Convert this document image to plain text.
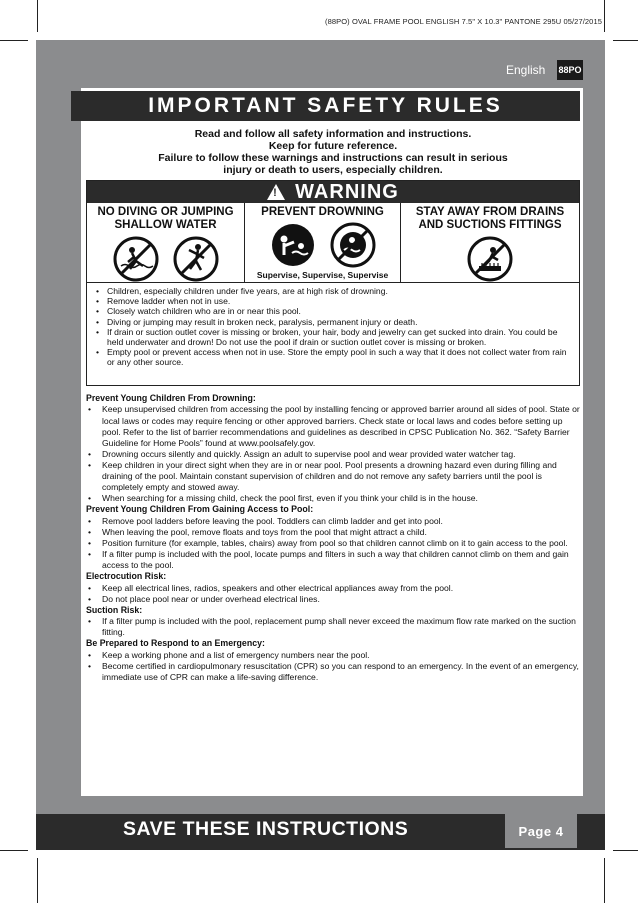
(88PO) OVAL FRAME POOL ENGLISH 7.5" X 10.3" PANTONE 295U 05/27/2015
English 88PO
IMPORTANT SAFETY RULES
Read and follow all safety information and instructions.
Keep for future reference.
Failure to follow these warnings and instructions can result in serious
injury or death to users, especially children.
! WARNING
NO DIVING OR JUMPING
SHALLOW WATER
PREVENT DROWNING
Supervise, Supervise, Supervise
STAY AWAY FROM DRAINS
AND SUCTIONS FITTINGS
• Children, especially children under five years, are at high risk of drowning.
• Remove ladder when not in use.
• Closely watch children who are in or near this pool.
• Diving or jumping may result in broken neck, paralysis, permanent injury or death.
• If drain or suction outlet cover is missing or broken, your hair, body and jewelry can get sucked into drain. You could be held underwater and drown! Do not use the pool if drain or suction outlet cover is missing or broken.
• Empty pool or prevent access when not in use. Store the empty pool in such a way that it does not collect water from rain or any other source.
Prevent Young Children From Drowning:
• Keep unsupervised children from accessing the pool by installing fencing or approved barrier around all sides of pool. State or local laws or codes may require fencing or other approved barriers. Check state or local laws and codes before setting up pool. Refer to the list of barrier recommendations and guidelines as described in CPSC Publication No. 362. “Safety Barrier Guideline for Home Pools” found at www.poolsafely.gov.
• Drowning occurs silently and quickly. Assign an adult to supervise pool and wear provided water watcher tag.
• Keep children in your direct sight when they are in or near pool. Pool presents a drowning hazard even during filling and draining of the pool. Maintain constant supervision of children and do not remove any safety barriers until the pool is completely empty and stowed away.
• When searching for a missing child, check the pool first, even if you think your child is in the house.
Prevent Young Children From Gaining Access to Pool:
• Remove pool ladders before leaving the pool. Toddlers can climb ladder and get into pool.
• When leaving the pool, remove floats and toys from the pool that might attract a child.
• Position furniture (for example, tables, chairs) away from pool so that children cannot climb on it to gain access to the pool.
• If a filter pump is included with the pool, locate pumps and filters in such a way that children cannot climb on them and gain access to the pool.
Electrocution Risk:
• Keep all electrical lines, radios, speakers and other electrical appliances away from the pool.
• Do not place pool near or under overhead electrical lines.
Suction Risk:
• If a filter pump is included with the pool, replacement pump shall never exceed the maximum flow rate marked on the suction fitting.
Be Prepared to Respond to an Emergency:
• Keep a working phone and a list of emergency numbers near the pool.
• Become certified in cardiopulmonary resuscitation (CPR) so you can respond to an emergency. In the event of an emergency, immediate use of CPR can make a life-saving difference.
SAVE THESE INSTRUCTIONS	Page 4
